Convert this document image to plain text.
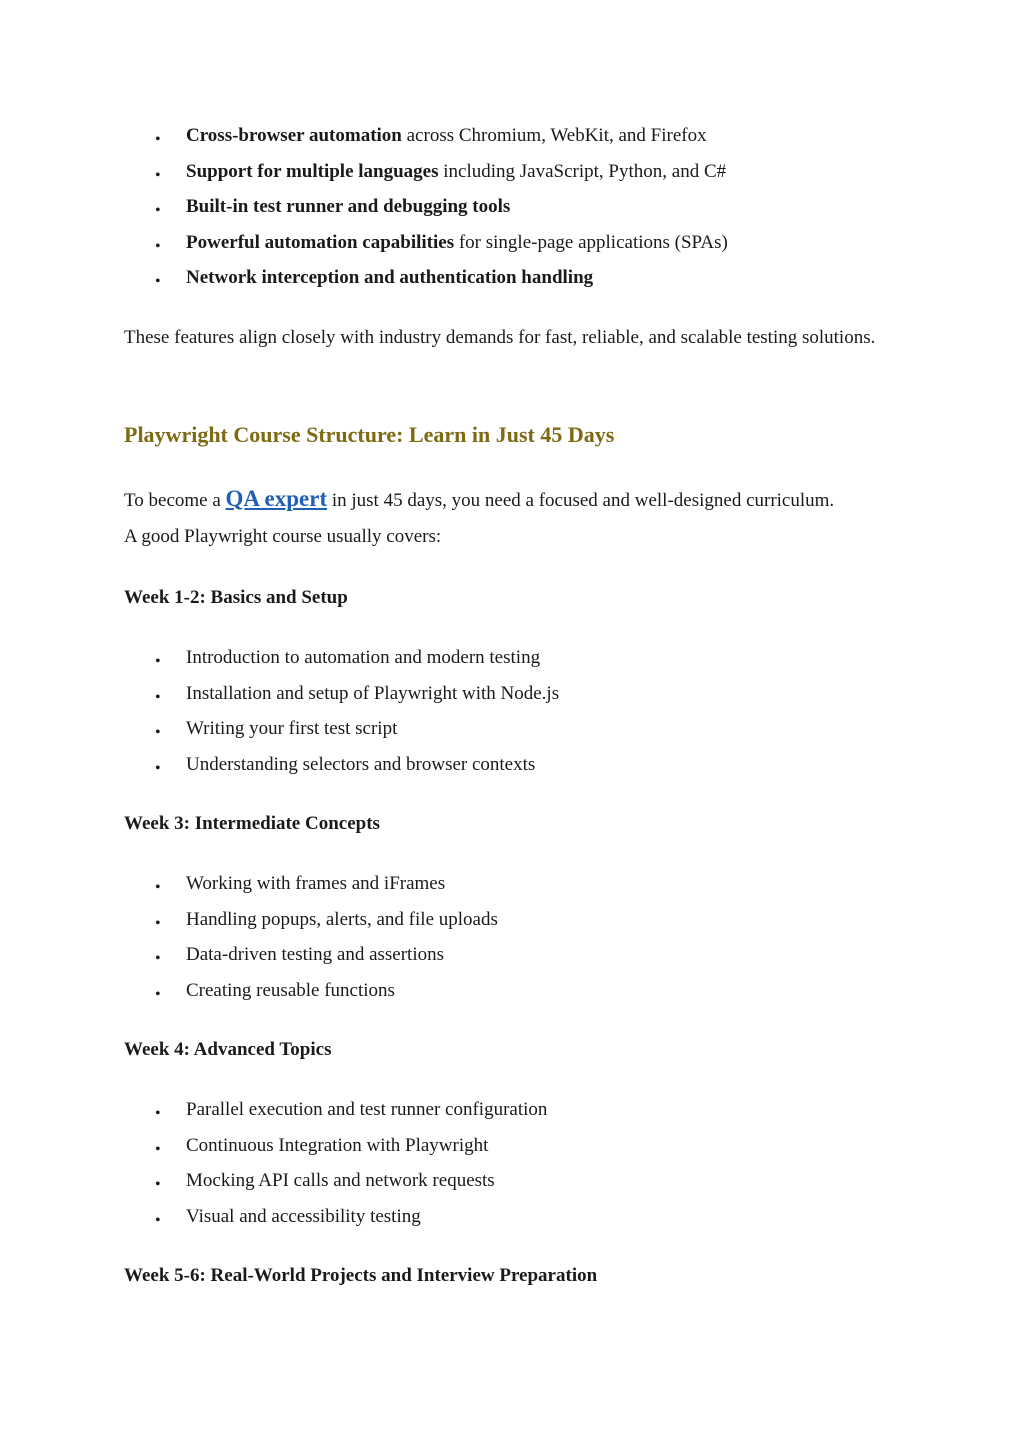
• Cross-browser automation across Chromium, WebKit, and Firefox
• Support for multiple languages including JavaScript, Python, and C#
• Built-in test runner and debugging tools
• Powerful automation capabilities for single-page applications (SPAs)
• Network interception and authentication handling

These features align closely with industry demands for fast, reliable, and scalable testing solutions.

Playwright Course Structure: Learn in Just 45 Days

To become a QA expert in just 45 days, you need a focused and well-designed curriculum.
A good Playwright course usually covers:

Week 1-2: Basics and Setup
• Introduction to automation and modern testing
• Installation and setup of Playwright with Node.js
• Writing your first test script
• Understanding selectors and browser contexts
Week 3: Intermediate Concepts
• Working with frames and iFrames
• Handling popups, alerts, and file uploads
• Data-driven testing and assertions
• Creating reusable functions
Week 4: Advanced Topics
• Parallel execution and test runner configuration
• Continuous Integration with Playwright
• Mocking API calls and network requests
• Visual and accessibility testing
Week 5-6: Real-World Projects and Interview Preparation
